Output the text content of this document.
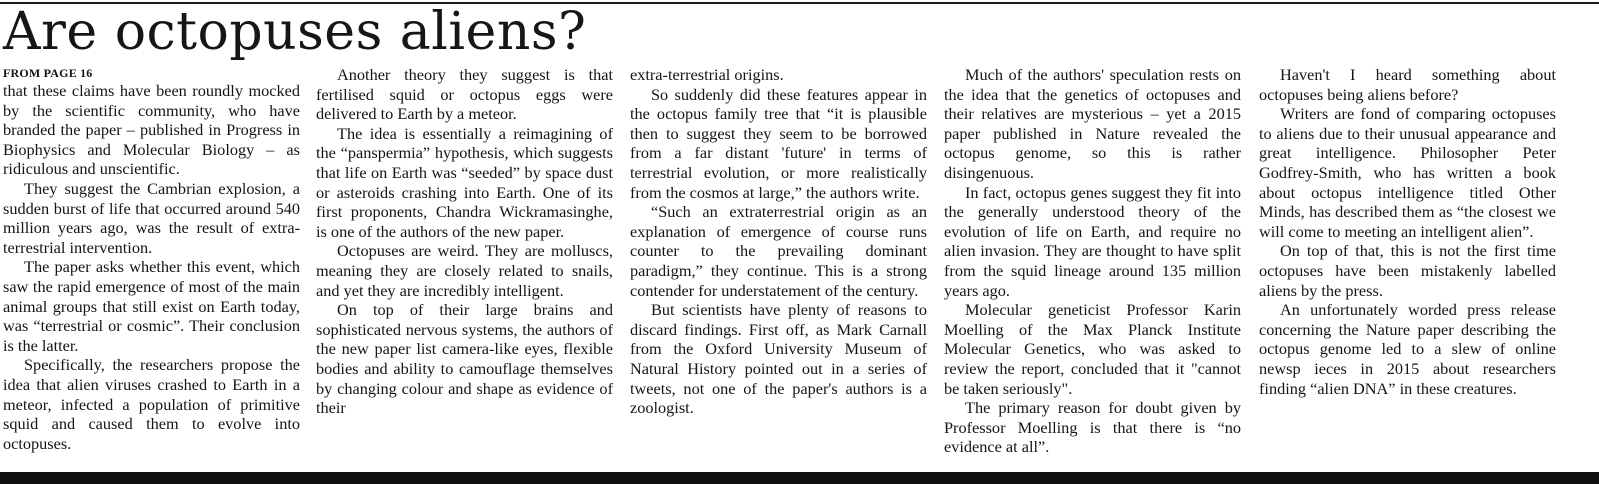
Are octopuses aliens?
FROM PAGE 16

that these claims have been roundly mocked by the scientific community, who have branded the paper – published in Progress in Biophysics and Molecular Biology – as ridiculous and unscientific.

They suggest the Cambrian explosion, a sudden burst of life that occurred around 540 million years ago, was the result of extra-terrestrial intervention.

The paper asks whether this event, which saw the rapid emergence of most of the main animal groups that still exist on Earth today, was “terrestrial or cosmic”. Their conclusion is the latter.

Specifically, the researchers propose the idea that alien viruses crashed to Earth in a meteor, infected a population of primitive squid and caused them to evolve into octopuses.

Another theory they suggest is that fertilised squid or octopus eggs were delivered to Earth by a meteor.

The idea is essentially a reimagining of the “panspermia” hypothesis, which suggests that life on Earth was “seeded” by space dust or asteroids crashing into Earth. One of its first proponents, Chandra Wickramasinghe, is one of the authors of the new paper.

Octopuses are weird. They are molluscs, meaning they are closely related to snails, and yet they are incredibly intelligent.

On top of their large brains and sophisticated nervous systems, the authors of the new paper list camera-like eyes, flexible bodies and ability to camouflage themselves by changing colour and shape as evidence of their

extra-terrestrial origins.

So suddenly did these features appear in the octopus family tree that “it is plausible then to suggest they seem to be borrowed from a far distant 'future' in terms of terrestrial evolution, or more realistically from the cosmos at large,” the authors write.

“Such an extraterrestrial origin as an explanation of emergence of course runs counter to the prevailing dominant paradigm,” they continue. This is a strong contender for understatement of the century.

But scientists have plenty of reasons to discard findings. First off, as Mark Carnall from the Oxford University Museum of Natural History pointed out in a series of tweets, not one of the paper's authors is a zoologist.

Much of the authors' speculation rests on the idea that the genetics of octopuses and their relatives are mysterious – yet a 2015 paper published in Nature revealed the octopus genome, so this is rather disingenuous.

In fact, octopus genes suggest they fit into the generally understood theory of the evolution of life on Earth, and require no alien invasion. They are thought to have split from the squid lineage around 135 million years ago.

Molecular geneticist Professor Karin Moelling of the Max Planck Institute Molecular Genetics, who was asked to review the report, concluded that it "cannot be taken seriously".

The primary reason for doubt given by Professor Moelling is that there is “no evidence at all”.

Haven't I heard something about octopuses being aliens before?

Writers are fond of comparing octopuses to aliens due to their unusual appearance and great intelligence. Philosopher Peter Godfrey-Smith, who has written a book about octopus intelligence titled Other Minds, has described them as “the closest we will come to meeting an intelligent alien”.

On top of that, this is not the first time octopuses have been mistakenly labelled aliens by the press.

An unfortunately worded press release concerning the Nature paper describing the octopus genome led to a slew of online newsp ieces in 2015 about researchers finding “alien DNA” in these creatures.
